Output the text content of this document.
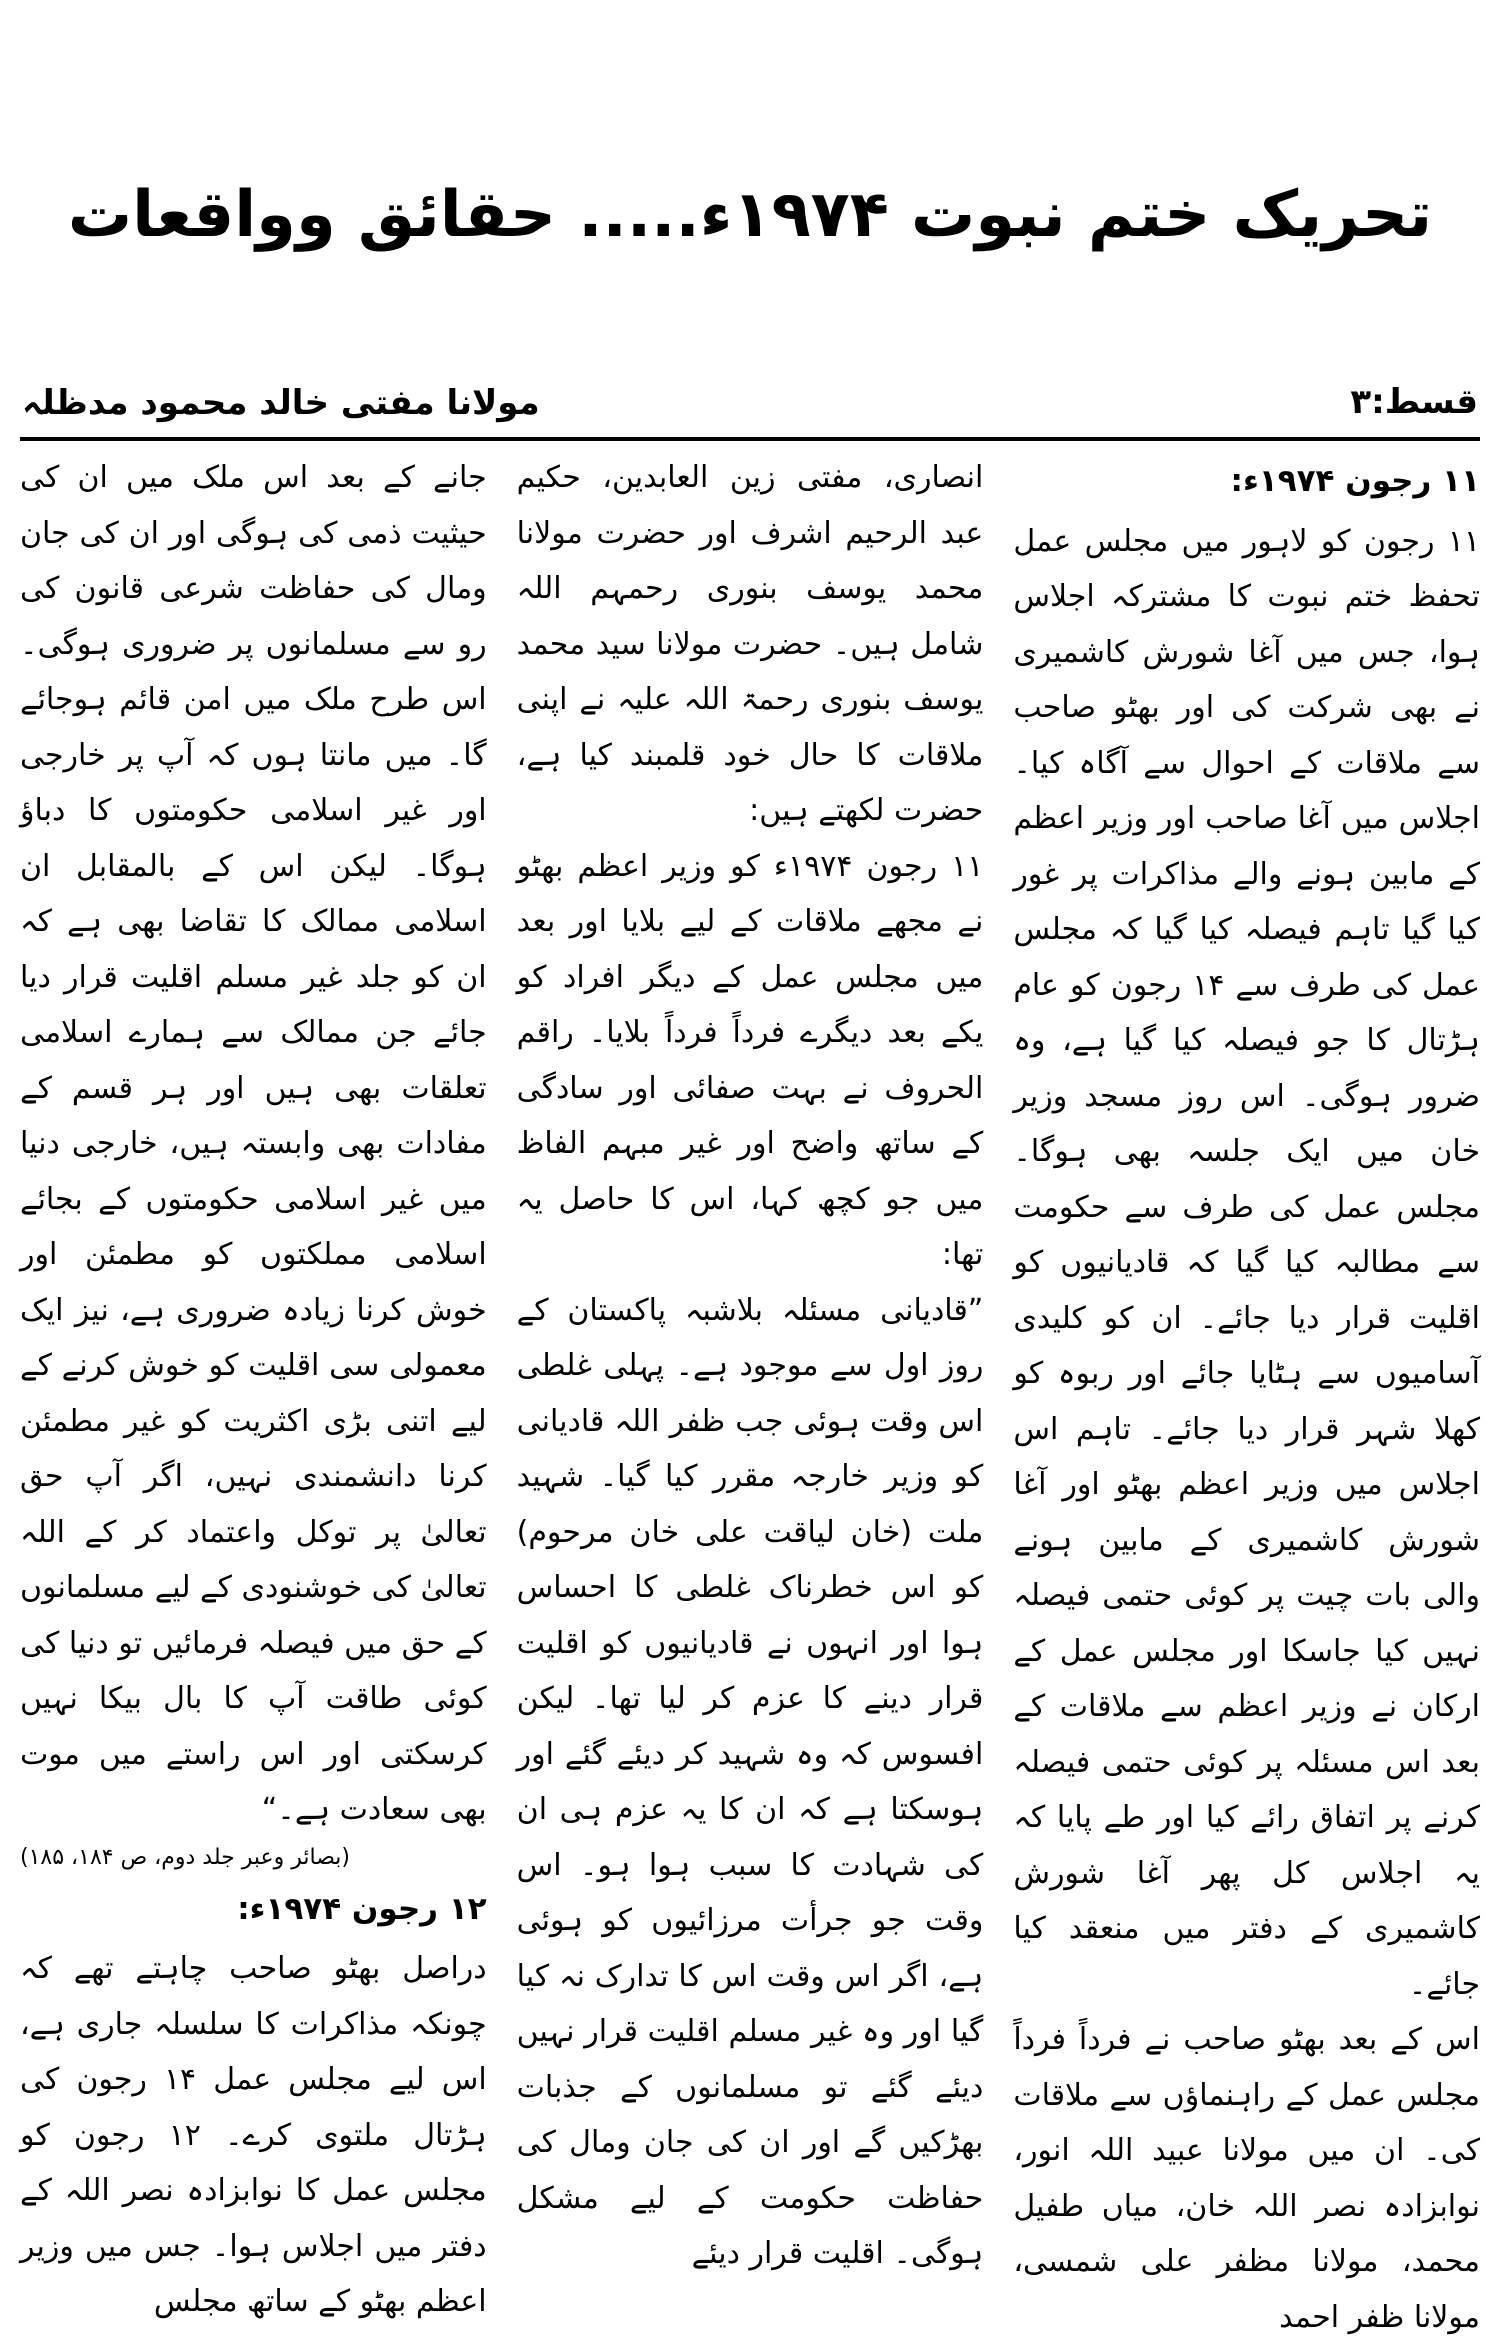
تحریک ختم نبوت ۱۹۷۴ء..... حقائق وواقعات
مولانا مفتی خالد محمود مدظلہ	قسط:۳
۱۱ رجون ۱۹۷۴ء:

۱۱ رجون کو لاہور میں مجلس عمل تحفظ ختم نبوت کا مشترکہ اجلاس ہوا، جس میں آغا شورش کاشمیری نے بھی شرکت کی اور بھٹو صاحب سے ملاقات کے احوال سے آگاہ کیا۔ اجلاس میں آغا صاحب اور وزیر اعظم کے مابین ہونے والے مذاکرات پر غور کیا گیا تاہم فیصلہ کیا گیا کہ مجلس عمل کی طرف سے ۱۴ رجون کو عام ہڑتال کا جو فیصلہ کیا گیا ہے، وہ ضرور ہوگی۔ اس روز مسجد وزیر خان میں ایک جلسہ بھی ہوگا۔ مجلس عمل کی طرف سے حکومت سے مطالبہ کیا گیا کہ قادیانیوں کو اقلیت قرار دیا جائے۔ ان کو کلیدی آسامیوں سے ہٹایا جائے اور ربوہ کو کھلا شہر قرار دیا جائے۔ تاہم اس اجلاس میں وزیر اعظم بھٹو اور آغا شورش کاشمیری کے مابین ہونے والی بات چیت پر کوئی حتمی فیصلہ نہیں کیا جاسکا اور مجلس عمل کے ارکان نے وزیر اعظم سے ملاقات کے بعد اس مسئلہ پر کوئی حتمی فیصلہ کرنے پر اتفاق رائے کیا اور طے پایا کہ یہ اجلاس کل پھر آغا شورش کاشمیری کے دفتر میں منعقد کیا جائے۔

اس کے بعد بھٹو صاحب نے فرداً فرداً مجلس عمل کے راہنماؤں سے ملاقات کی۔ ان میں مولانا عبید اللہ انور، نوابزادہ نصر اللہ خان، میاں طفیل محمد، مولانا مظفر علی شمسی، مولانا ظفر احمد

انصاری، مفتی زین العابدین، حکیم عبد الرحیم اشرف اور حضرت مولانا محمد یوسف بنوری رحمہم اللہ شامل ہیں۔ حضرت مولانا سید محمد یوسف بنوری رحمۃ اللہ علیہ نے اپنی ملاقات کا حال خود قلمبند کیا ہے، حضرت لکھتے ہیں:

۱۱ رجون ۱۹۷۴ء کو وزیر اعظم بھٹو نے مجھے ملاقات کے لیے بلایا اور بعد میں مجلس عمل کے دیگر افراد کو یکے بعد دیگرے فرداً فرداً بلایا۔ راقم الحروف نے بہت صفائی اور سادگی کے ساتھ واضح اور غیر مبہم الفاظ میں جو کچھ کہا، اس کا حاصل یہ تھا:

”قادیانی مسئلہ بلاشبہ پاکستان کے روز اول سے موجود ہے۔ پہلی غلطی اس وقت ہوئی جب ظفر اللہ قادیانی کو وزیر خارجہ مقرر کیا گیا۔ شہید ملت (خان لیاقت علی خان مرحوم) کو اس خطرناک غلطی کا احساس ہوا اور انہوں نے قادیانیوں کو اقلیت قرار دینے کا عزم کر لیا تھا۔ لیکن افسوس کہ وہ شہید کر دیئے گئے اور ہوسکتا ہے کہ ان کا یہ عزم ہی ان کی شہادت کا سبب ہوا ہو۔ اس وقت جو جرأت مرزائیوں کو ہوئی ہے، اگر اس وقت اس کا تدارک نہ کیا گیا اور وہ غیر مسلم اقلیت قرار نہیں دیئے گئے تو مسلمانوں کے جذبات بھڑکیں گے اور ان کی جان ومال کی حفاظت حکومت کے لیے مشکل ہوگی۔ اقلیت قرار دیئے

جانے کے بعد اس ملک میں ان کی حیثیت ذمی کی ہوگی اور ان کی جان ومال کی حفاظت شرعی قانون کی رو سے مسلمانوں پر ضروری ہوگی۔ اس طرح ملک میں امن قائم ہوجائے گا۔ میں مانتا ہوں کہ آپ پر خارجی اور غیر اسلامی حکومتوں کا دباؤ ہوگا۔ لیکن اس کے بالمقابل ان اسلامی ممالک کا تقاضا بھی ہے کہ ان کو جلد غیر مسلم اقلیت قرار دیا جائے جن ممالک سے ہمارے اسلامی تعلقات بھی ہیں اور ہر قسم کے مفادات بھی وابستہ ہیں، خارجی دنیا میں غیر اسلامی حکومتوں کے بجائے اسلامی مملکتوں کو مطمئن اور خوش کرنا زیادہ ضروری ہے، نیز ایک معمولی سی اقلیت کو خوش کرنے کے لیے اتنی بڑی اکثریت کو غیر مطمئن کرنا دانشمندی نہیں، اگر آپ حق تعالیٰ پر توکل واعتماد کر کے اللہ تعالیٰ کی خوشنودی کے لیے مسلمانوں کے حق میں فیصلہ فرمائیں تو دنیا کی کوئی طاقت آپ کا بال بیکا نہیں کرسکتی اور اس راستے میں موت بھی سعادت ہے۔“

(بصائر وعبر جلد دوم، ص ۱۸۴، ۱۸۵)
۱۲ رجون ۱۹۷۴ء:

دراصل بھٹو صاحب چاہتے تھے کہ چونکہ مذاکرات کا سلسلہ جاری ہے، اس لیے مجلس عمل ۱۴ رجون کی ہڑتال ملتوی کرے۔ ۱۲ رجون کو مجلس عمل کا نوابزادہ نصر اللہ کے دفتر میں اجلاس ہوا۔ جس میں وزیر اعظم بھٹو کے ساتھ مجلس
